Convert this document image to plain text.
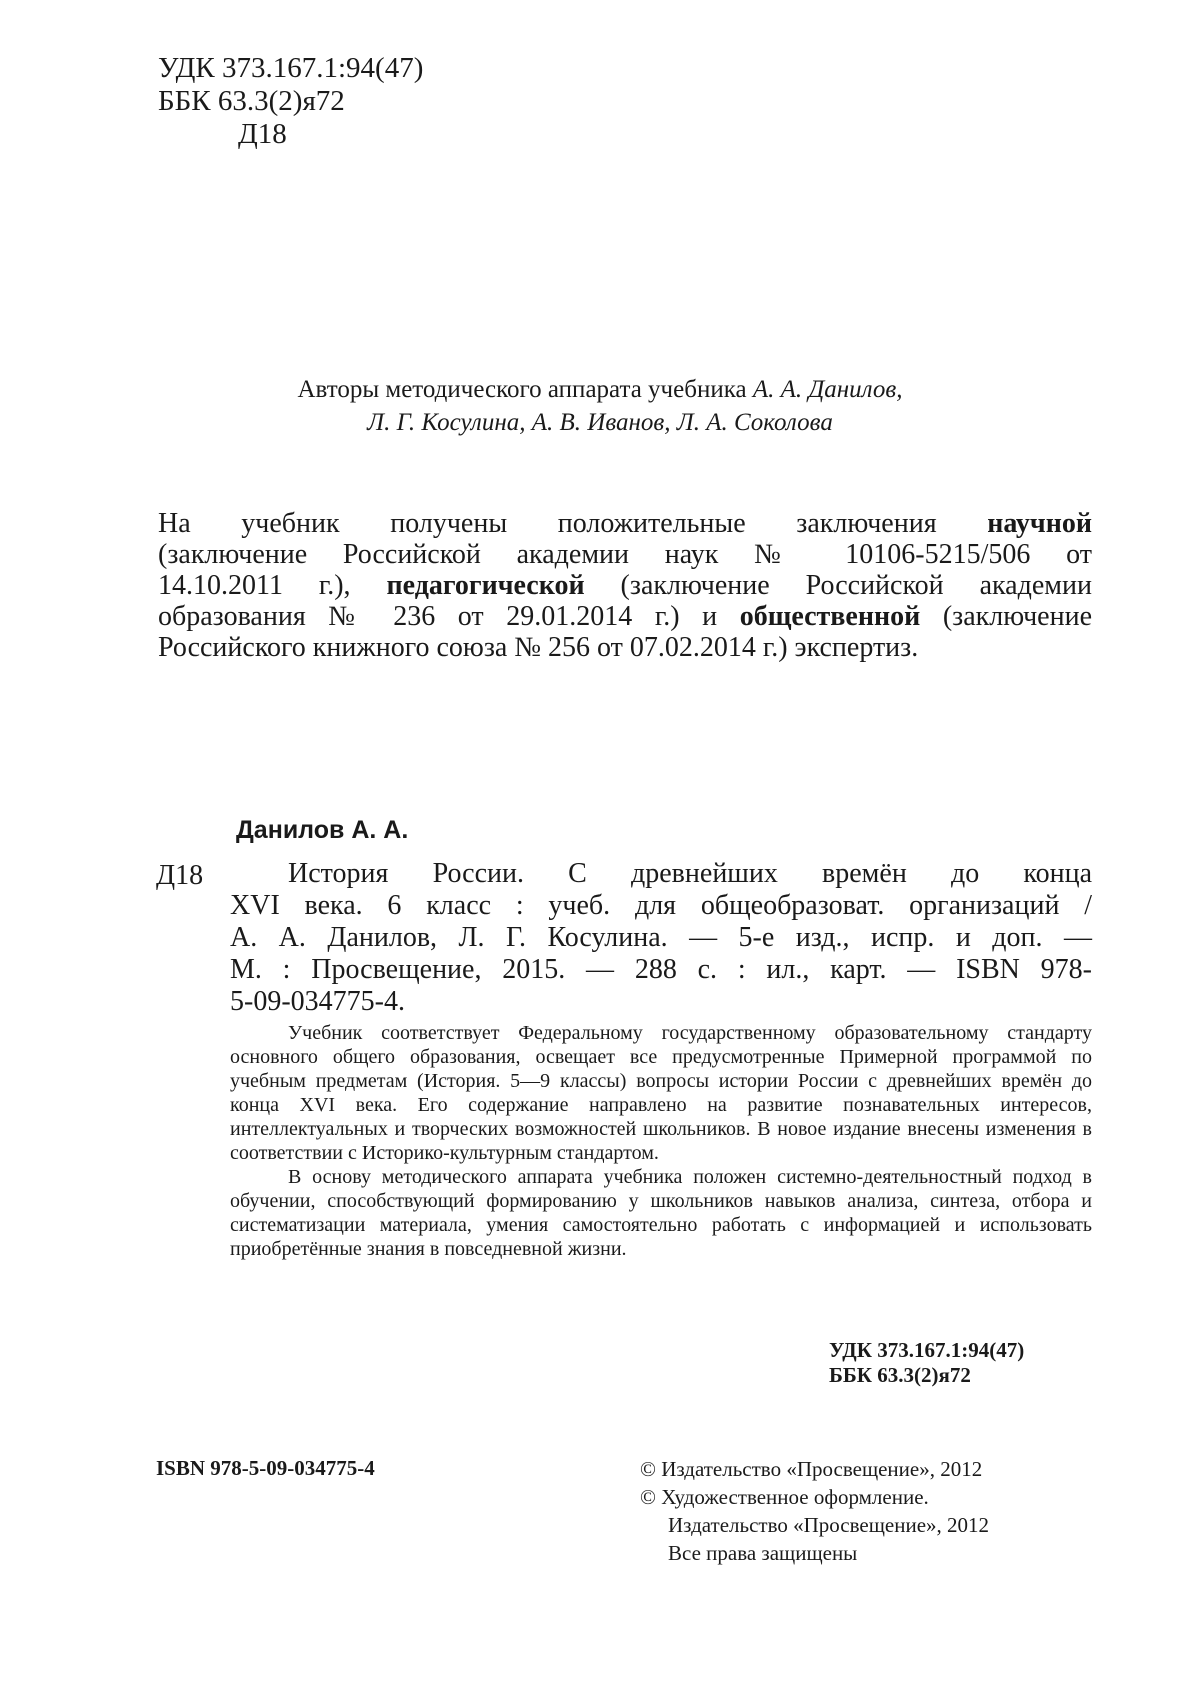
УДК 373.167.1:94(47)
ББК 63.3(2)я72
Д18
Авторы методического аппарата учебника А. А. Данилов,
Л. Г. Косулина, А. В. Иванов, Л. А. Соколова

На учебник получены положительные заключения научной

(заключение Российской академии наук № 10106-5215/506 от

14.10.2011 г.), педагогической (заключение Российской академии

образования № 236 от 29.01.2014 г.) и общественной (заключение

Российского книжного союза № 256 от 07.02.2014 г.) экспертиз.

Данилов А. А.
Д18	История России. С древнейших времён до конца
XVI века. 6 класс : учеб. для общеобразоват. организаций /
А. А. Данилов, Л. Г. Косулина. — 5-е изд., испр. и доп. —
М. : Просвещение, 2015. — 288 с. : ил., карт. — ISBN 978-
5-09-034775-4.

Учебник соответствует Федеральному государственному образовательному стандарту основного общего образования, освещает все предусмотренные Примерной программой по учебным предметам (История. 5—9 классы) вопросы истории России с древнейших времён до конца XVI века. Его содержание направлено на развитие познавательных интересов, интеллектуальных и творческих возможностей школьников. В новое издание внесены изменения в соответствии с Историко-культурным стандартом.

В основу методического аппарата учебника положен системно-деятельностный подход в обучении, способствующий формированию у школьников навыков анализа, синтеза, отбора и систематизации материала, умения самостоятельно работать с информацией и использовать приобретённые знания в повседневной жизни.

УДК 373.167.1:94(47)
ББК 63.3(2)я72
ISBN 978-5-09-034775-4	© Издательство «Просвещение», 2012
© Художественное оформление.
Издательство «Просвещение», 2012
Все права защищены
